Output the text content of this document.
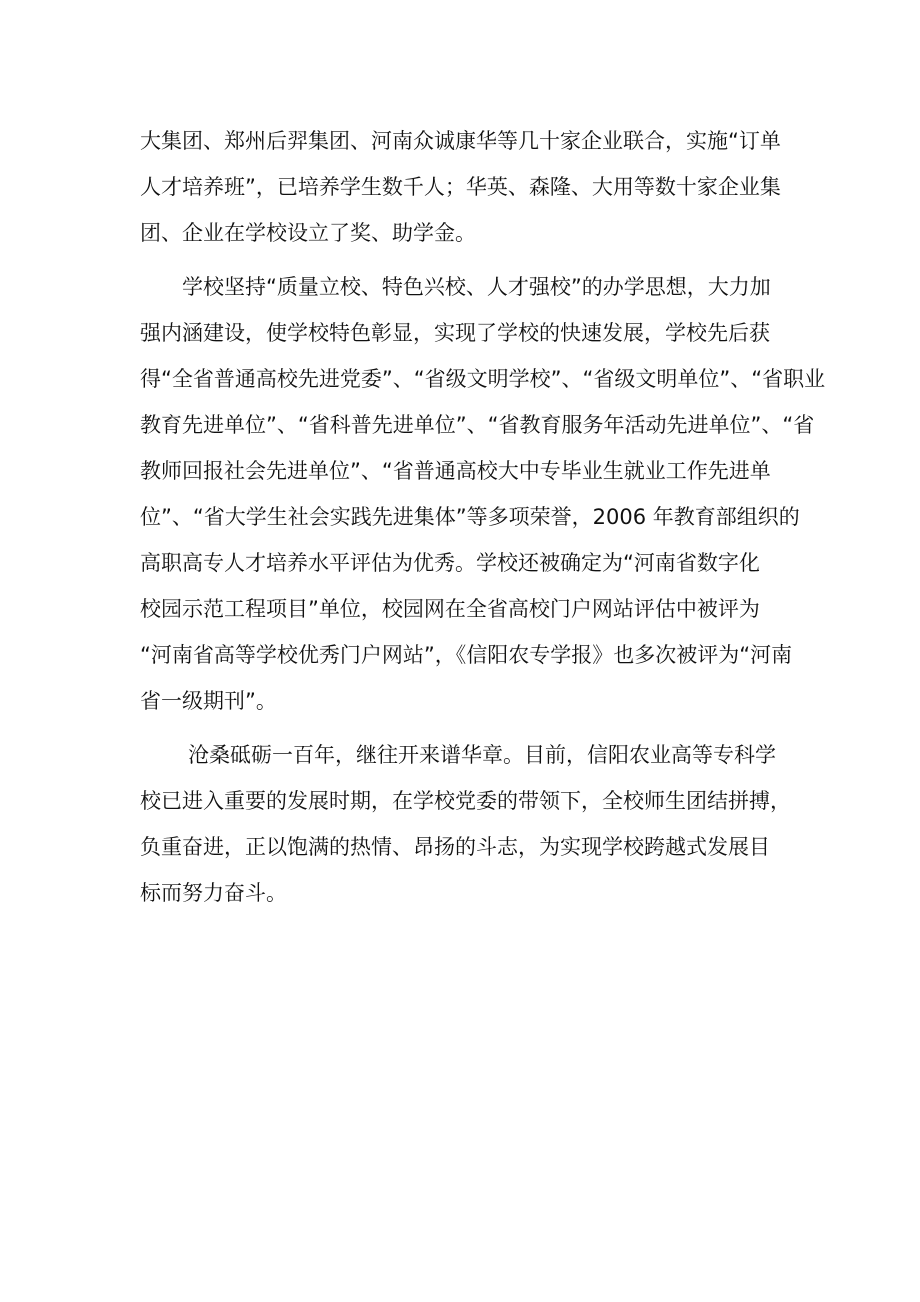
大集团、郑州后羿集团、河南众诚康华等几十家企业联合，实施“订单
人才培养班”，已培养学生数千人；华英、森隆、大用等数十家企业集
团、企业在学校设立了奖、助学金。
学校坚持“质量立校、特色兴校、人才强校”的办学思想，大力加
强内涵建设，使学校特色彰显，实现了学校的快速发展，学校先后获
得“全省普通高校先进党委”、“省级文明学校”、“省级文明单位”、“省职业
教育先进单位”、“省科普先进单位”、“省教育服务年活动先进单位”、“省
教师回报社会先进单位”、“省普通高校大中专毕业生就业工作先进单
位”、“省大学生社会实践先进集体”等多项荣誉，2006 年教育部组织的
高职高专人才培养水平评估为优秀。学校还被确定为“河南省数字化
校园示范工程项目”单位，校园网在全省高校门户网站评估中被评为
“河南省高等学校优秀门户网站”，《信阳农专学报》也多次被评为“河南
省一级期刊”。
沧桑砥砺一百年，继往开来谱华章。目前，信阳农业高等专科学
校已进入重要的发展时期，在学校党委的带领下，全校师生团结拼搏，
负重奋进，正以饱满的热情、昂扬的斗志，为实现学校跨越式发展目
标而努力奋斗。
